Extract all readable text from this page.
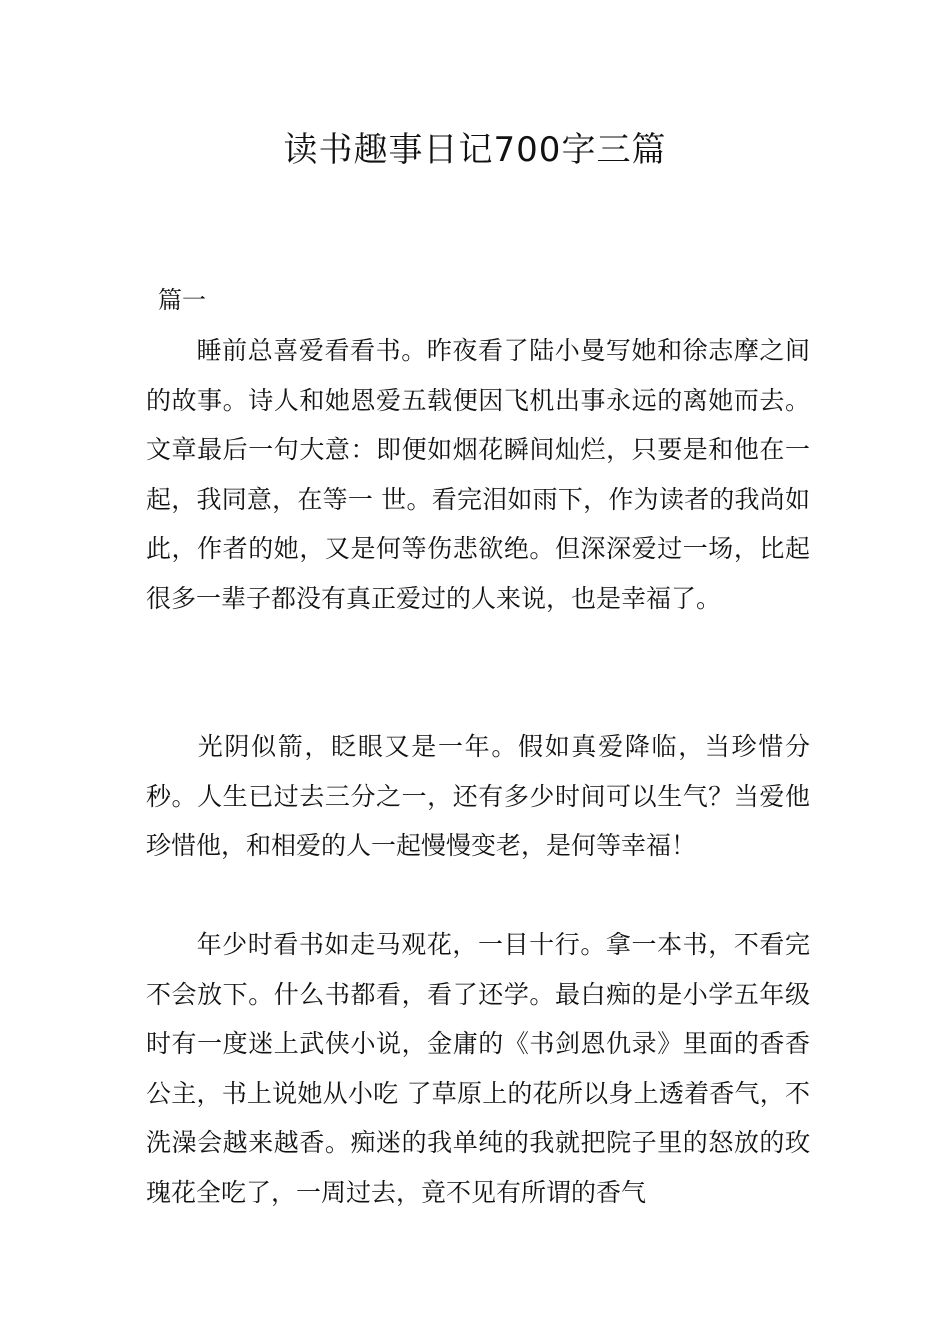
读书趣事日记700字三篇
篇一

睡前总喜爱看看书。昨夜看了陆小曼写她和徐志摩之间的故事。诗人和她恩爱五载便因飞机出事永远的离她而去。文章最后一句大意：即便如烟花瞬间灿烂，只要是和他在一起，我同意，在等一 世。看完泪如雨下，作为读者的我尚如此，作者的她，又是何等伤悲欲绝。但深深爱过一场，比起很多一辈子都没有真正爱过的人来说，也是幸福了。

光阴似箭，眨眼又是一年。假如真爱降临，当珍惜分秒。人生已过去三分之一，还有多少时间可以生气？当爱他珍惜他，和相爱的人一起慢慢变老，是何等幸福！

年少时看书如走马观花，一目十行。拿一本书，不看完不会放下。什么书都看，看了还学。最白痴的是小学五年级时有一度迷上武侠小说，金庸的《书剑恩仇录》里面的香香公主，书上说她从小吃 了草原上的花所以身上透着香气，不洗澡会越来越香。痴迷的我单纯的我就把院子里的怒放的玫瑰花全吃了，一周过去，竟不见有所谓的香气
